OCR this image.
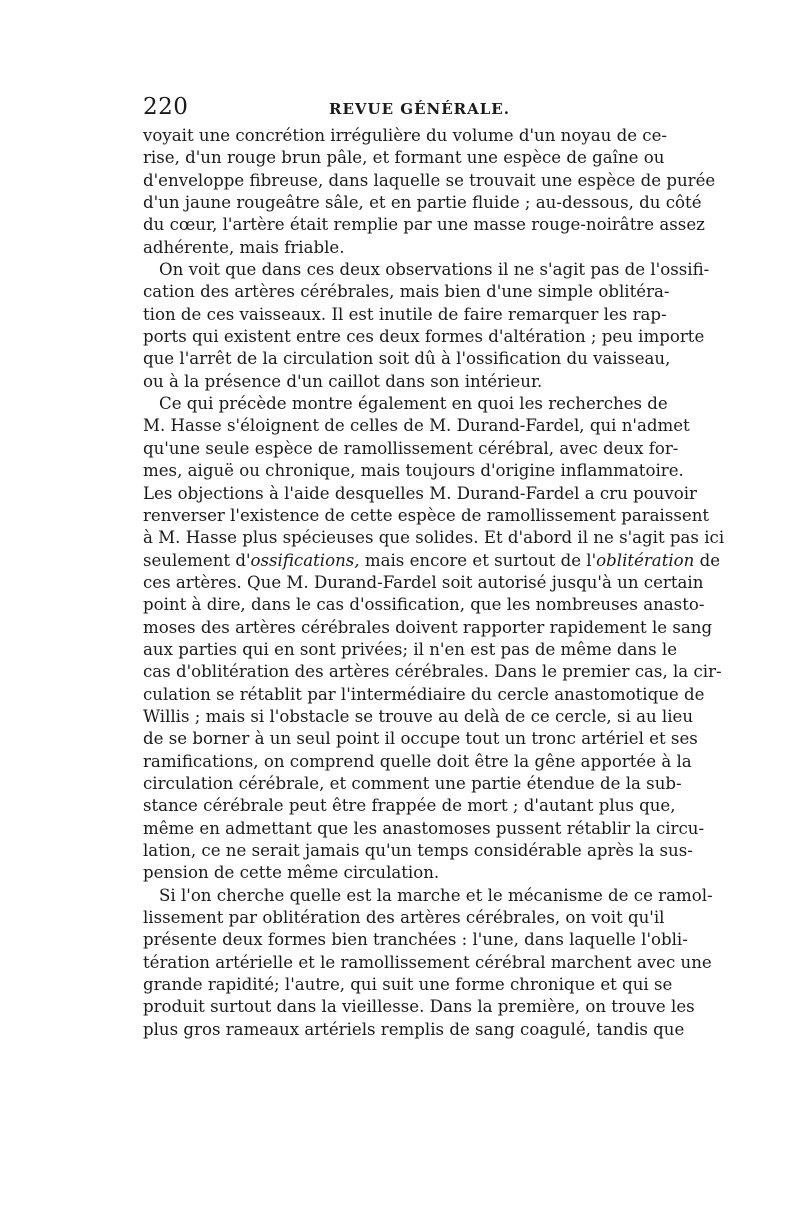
220	REVUE GÉNÉRALE.
voyait une concrétion irrégulière du volume d'un noyau de ce-
rise, d'un rouge brun pâle, et formant une espèce de gaîne ou
d'enveloppe fibreuse, dans laquelle se trouvait une espèce de purée
d'un jaune rougeâtre sâle, et en partie fluide ; au-dessous, du côté
du cœur, l'artère était remplie par une masse rouge-noirâtre assez
adhérente, mais friable.
On voit que dans ces deux observations il ne s'agit pas de l'ossifi-
cation des artères cérébrales, mais bien d'une simple oblitéra-
tion de ces vaisseaux. Il est inutile de faire remarquer les rap-
ports qui existent entre ces deux formes d'altération ; peu importe
que l'arrêt de la circulation soit dû à l'ossification du vaisseau,
ou à la présence d'un caillot dans son intérieur.
Ce qui précède montre également en quoi les recherches de
M. Hasse s'éloignent de celles de M. Durand-Fardel, qui n'admet
qu'une seule espèce de ramollissement cérébral, avec deux for-
mes, aiguë ou chronique, mais toujours d'origine inflammatoire.
Les objections à l'aide desquelles M. Durand-Fardel a cru pouvoir
renverser l'existence de cette espèce de ramollissement paraissent
à M. Hasse plus spécieuses que solides. Et d'abord il ne s'agit pas ici
seulement d'ossifications, mais encore et surtout de l'oblitération de
ces artères. Que M. Durand-Fardel soit autorisé jusqu'à un certain
point à dire, dans le cas d'ossification, que les nombreuses anasto-
moses des artères cérébrales doivent rapporter rapidement le sang
aux parties qui en sont privées; il n'en est pas de même dans le
cas d'oblitération des artères cérébrales. Dans le premier cas, la cir-
culation se rétablit par l'intermédiaire du cercle anastomotique de
Willis ; mais si l'obstacle se trouve au delà de ce cercle, si au lieu
de se borner à un seul point il occupe tout un tronc artériel et ses
ramifications, on comprend quelle doit être la gêne apportée à la
circulation cérébrale, et comment une partie étendue de la sub-
stance cérébrale peut être frappée de mort ; d'autant plus que,
même en admettant que les anastomoses pussent rétablir la circu-
lation, ce ne serait jamais qu'un temps considérable après la sus-
pension de cette même circulation.
Si l'on cherche quelle est la marche et le mécanisme de ce ramol-
lissement par oblitération des artères cérébrales, on voit qu'il
présente deux formes bien tranchées : l'une, dans laquelle l'obli-
tération artérielle et le ramollissement cérébral marchent avec une
grande rapidité; l'autre, qui suit une forme chronique et qui se
produit surtout dans la vieillesse. Dans la première, on trouve les
plus gros rameaux artériels remplis de sang coagulé, tandis que
